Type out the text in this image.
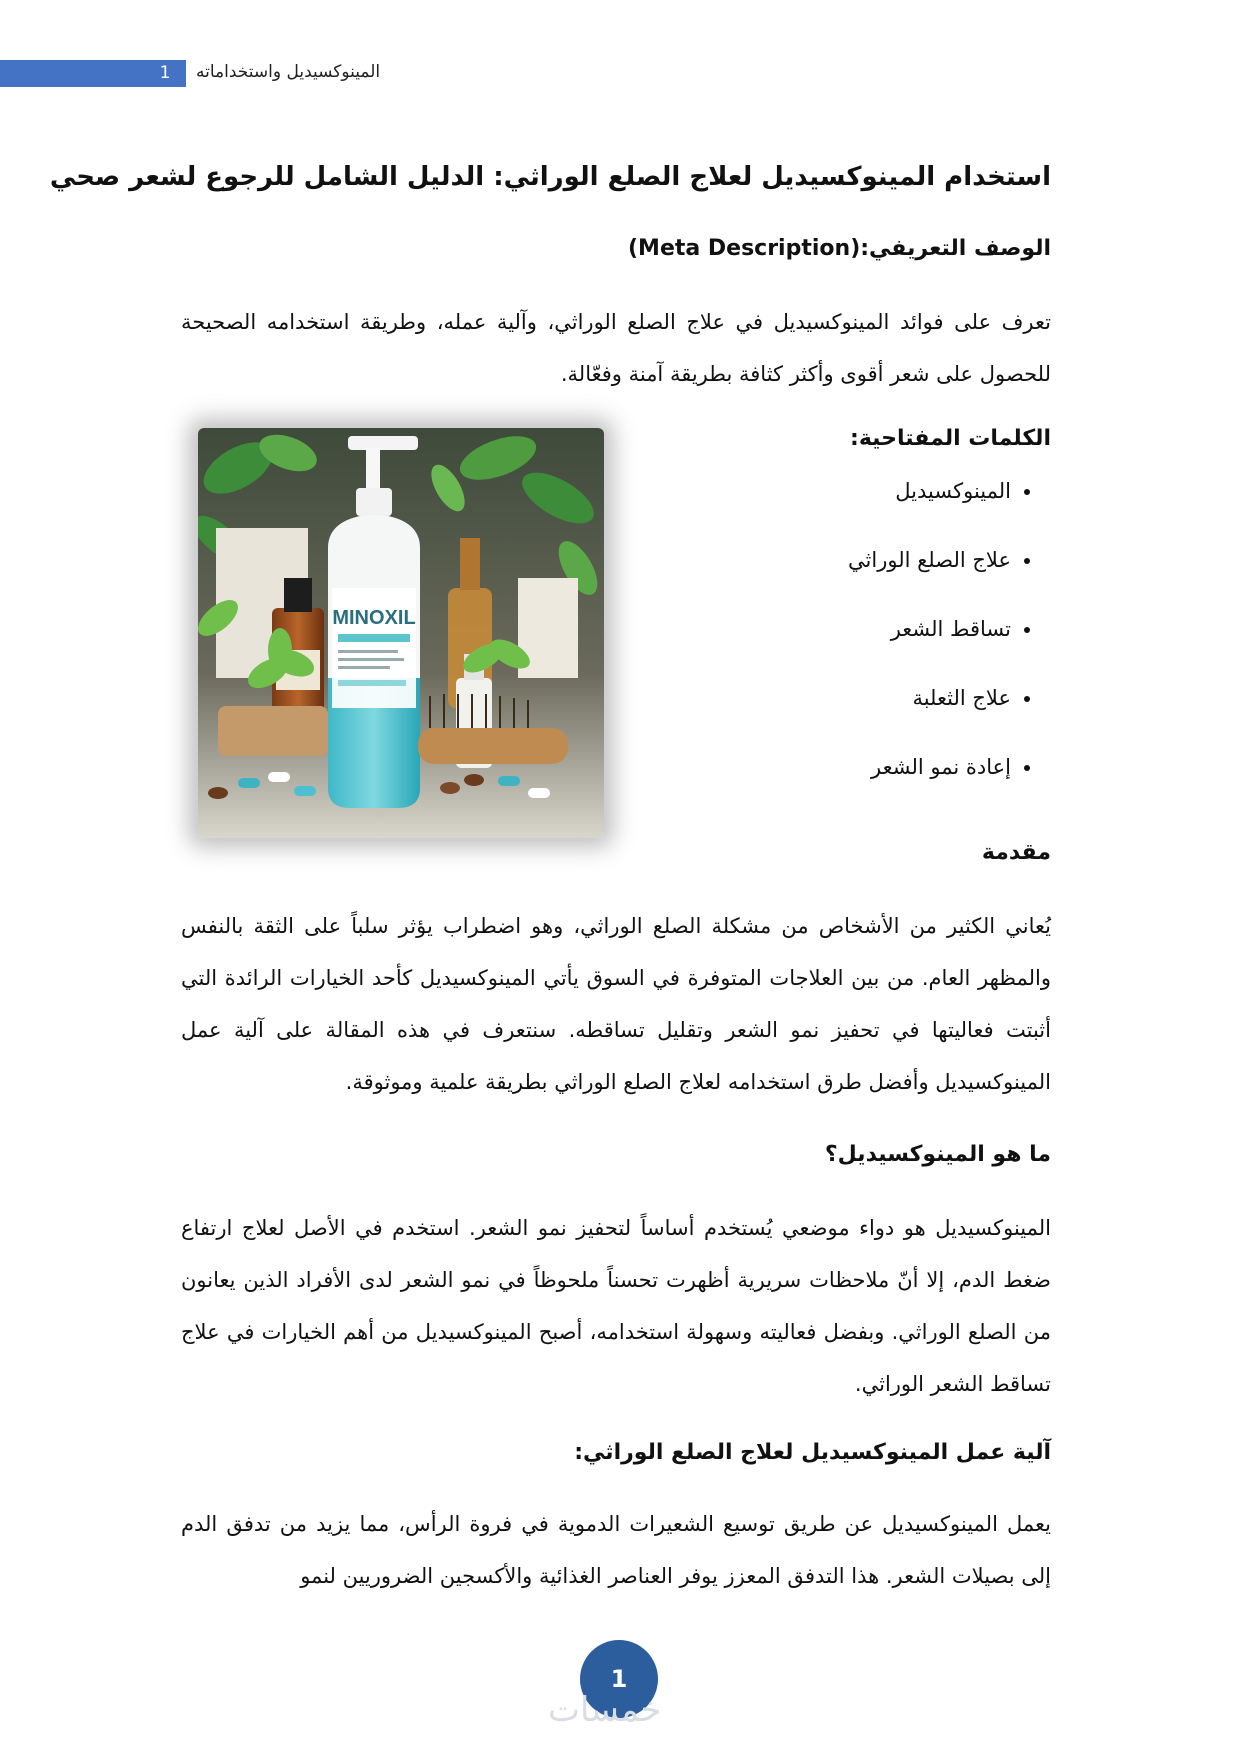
1	المينوكسيديل واستخداماته
استخدام المينوكسيديل لعلاج الصلع الوراثي: الدليل الشامل للرجوع لشعر صحي
الوصف التعريفي:(Meta Description)
تعرف على فوائد المينوكسيديل في علاج الصلع الوراثي، وآلية عمله، وطريقة استخدامه الصحيحة للحصول على شعر أقوى وأكثر كثافة بطريقة آمنة وفعّالة.
الكلمات المفتاحية:
• المينوكسيديل
• علاج الصلع الوراثي
• تساقط الشعر
• علاج الثعلبة
• إعادة نمو الشعر
MINOXIL
مقدمة
يُعاني الكثير من الأشخاص من مشكلة الصلع الوراثي، وهو اضطراب يؤثر سلباً على الثقة بالنفس والمظهر العام. من بين العلاجات المتوفرة في السوق يأتي المينوكسيديل كأحد الخيارات الرائدة التي أثبتت فعاليتها في تحفيز نمو الشعر وتقليل تساقطه. سنتعرف في هذه المقالة على آلية عمل المينوكسيديل وأفضل طرق استخدامه لعلاج الصلع الوراثي بطريقة علمية وموثوقة.
ما هو المينوكسيديل؟
المينوكسيديل هو دواء موضعي يُستخدم أساساً لتحفيز نمو الشعر. استخدم في الأصل لعلاج ارتفاع ضغط الدم، إلا أنّ ملاحظات سريرية أظهرت تحسناً ملحوظاً في نمو الشعر لدى الأفراد الذين يعانون من الصلع الوراثي. وبفضل فعاليته وسهولة استخدامه، أصبح المينوكسيديل من أهم الخيارات في علاج تساقط الشعر الوراثي.
آلية عمل المينوكسيديل لعلاج الصلع الوراثي:
يعمل المينوكسيديل عن طريق توسيع الشعيرات الدموية في فروة الرأس، مما يزيد من تدفق الدم إلى بصيلات الشعر. هذا التدفق المعزز يوفر العناصر الغذائية والأكسجين الضروريين لنمو
1
خمسات
